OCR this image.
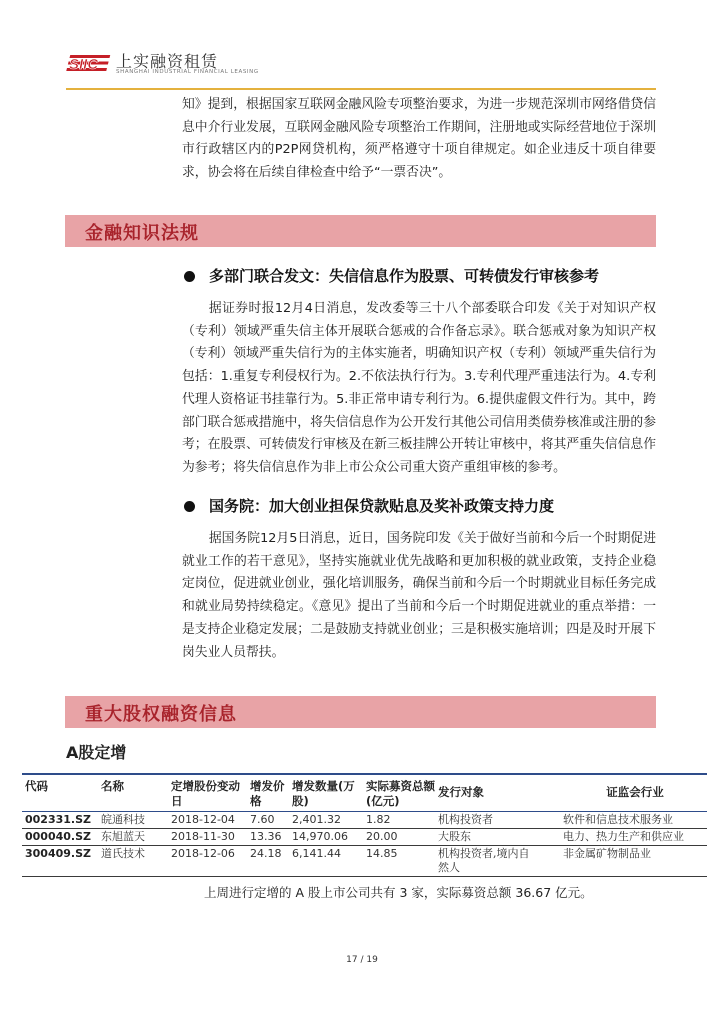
SIIC 上实融资租赁
SHANGHAI INDUSTRIAL FINANCIAL LEASING
知》提到，根据国家互联网金融风险专项整治要求，为进一步规范深圳市网络借贷信息中介行业发展，互联网金融风险专项整治工作期间，注册地或实际经营地位于深圳市行政辖区内的P2P网贷机构，须严格遵守十项自律规定。如企业违反十项自律要求，协会将在后续自律检查中给予“一票否决”。
金融知识法规
多部门联合发文：失信信息作为股票、可转债发行审核参考
据证券时报12月4日消息，发改委等三十八个部委联合印发《关于对知识产权（专利）领域严重失信主体开展联合惩戒的合作备忘录》。联合惩戒对象为知识产权（专利）领域严重失信行为的主体实施者，明确知识产权（专利）领域严重失信行为包括：1.重复专利侵权行为。2.不依法执行行为。3.专利代理严重违法行为。4.专利代理人资格证书挂靠行为。5.非正常申请专利行为。6.提供虚假文件行为。其中，跨部门联合惩戒措施中，将失信信息作为公开发行其他公司信用类债券核准或注册的参考；在股票、可转债发行审核及在新三板挂牌公开转让审核中，将其严重失信信息作为参考；将失信信息作为非上市公众公司重大资产重组审核的参考。
国务院：加大创业担保贷款贴息及奖补政策支持力度
据国务院12月5日消息，近日，国务院印发《关于做好当前和今后一个时期促进就业工作的若干意见》，坚持实施就业优先战略和更加积极的就业政策，支持企业稳定岗位，促进就业创业，强化培训服务，确保当前和今后一个时期就业目标任务完成和就业局势持续稳定。《意见》提出了当前和今后一个时期促进就业的重点举措：一是支持企业稳定发展；二是鼓励支持就业创业；三是积极实施培训；四是及时开展下岗失业人员帮扶。
重大股权融资信息
A股定增
代码	名称	定增股份变动日	增发价格	增发数量(万股)	实际募资总额(亿元)	发行对象	证监会行业
002331.SZ	皖通科技	2018-12-04	7.60	2,401.32	1.82	机构投资者	软件和信息技术服务业
000040.SZ	东旭蓝天	2018-11-30	13.36	14,970.06	20.00	大股东	电力、热力生产和供应业
300409.SZ	道氏技术	2018-12-06	24.18	6,141.44	14.85	机构投资者,境内自然人	非金属矿物制品业
上周进行定增的 A 股上市公司共有 3 家，实际募资总额 36.67 亿元。
17 / 19
